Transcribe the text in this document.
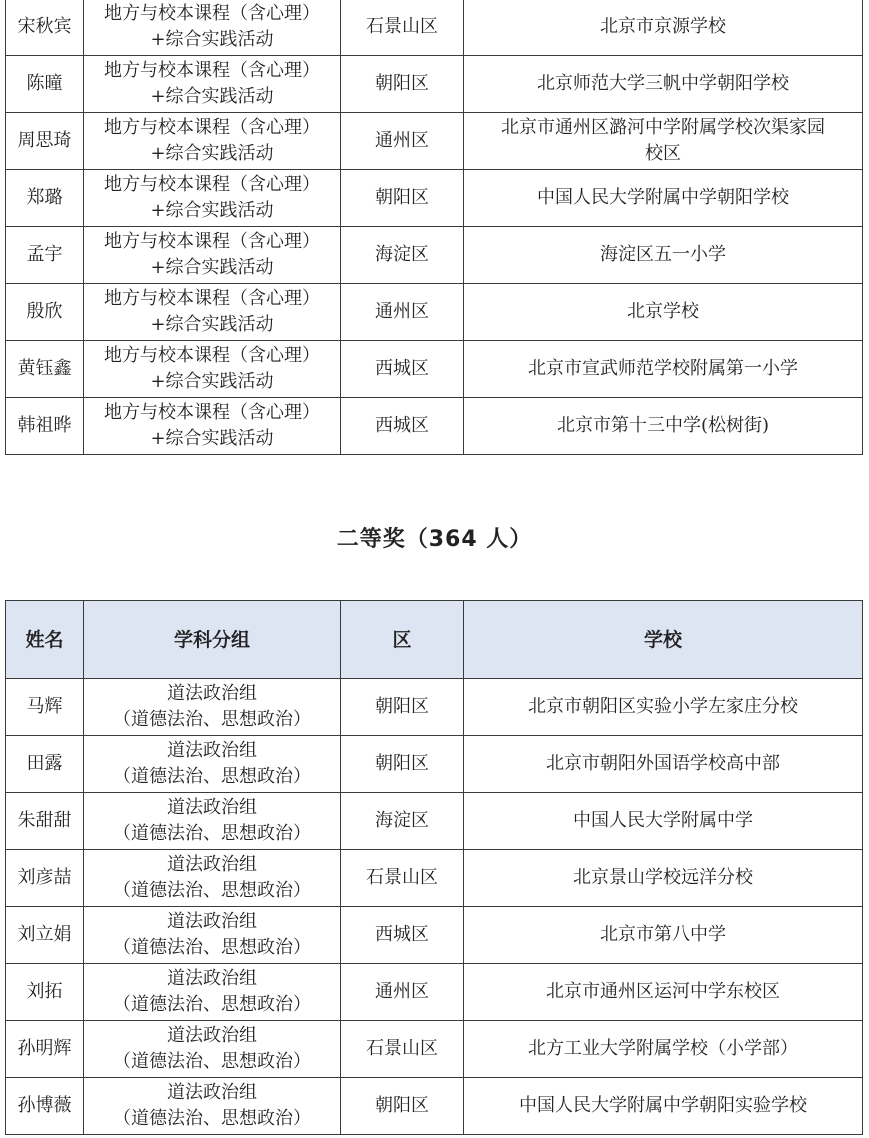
宋秋宾	地方与校本课程（含心理）
+综合实践活动	石景山区	北京市京源学校

陈曈	地方与校本课程（含心理）
+综合实践活动	朝阳区	北京师范大学三帆中学朝阳学校

周思琦	地方与校本课程（含心理）
+综合实践活动	通州区	北京市通州区潞河中学附属学校次渠家园
校区

郑璐	地方与校本课程（含心理）
+综合实践活动	朝阳区	中国人民大学附属中学朝阳学校

孟宇	地方与校本课程（含心理）
+综合实践活动	海淀区	海淀区五一小学

殷欣	地方与校本课程（含心理）
+综合实践活动	通州区	北京学校

黄钰鑫	地方与校本课程（含心理）
+综合实践活动	西城区	北京市宣武师范学校附属第一小学

韩祖晔	地方与校本课程（含心理）
+综合实践活动	西城区	北京市第十三中学(松树街)
二等奖（364 人）
姓名	学科分组	区	学校
马辉	道法政治组
（道德法治、思想政治）	朝阳区	北京市朝阳区实验小学左家庄分校

田露	道法政治组
（道德法治、思想政治）	朝阳区	北京市朝阳外国语学校高中部

朱甜甜	道法政治组
（道德法治、思想政治）	海淀区	中国人民大学附属中学

刘彦喆	道法政治组
（道德法治、思想政治）	石景山区	北京景山学校远洋分校

刘立娟	道法政治组
（道德法治、思想政治）	西城区	北京市第八中学

刘拓	道法政治组
（道德法治、思想政治）	通州区	北京市通州区运河中学东校区

孙明辉	道法政治组
（道德法治、思想政治）	石景山区	北方工业大学附属学校（小学部）

孙博薇	道法政治组
（道德法治、思想政治）	朝阳区	中国人民大学附属中学朝阳实验学校
